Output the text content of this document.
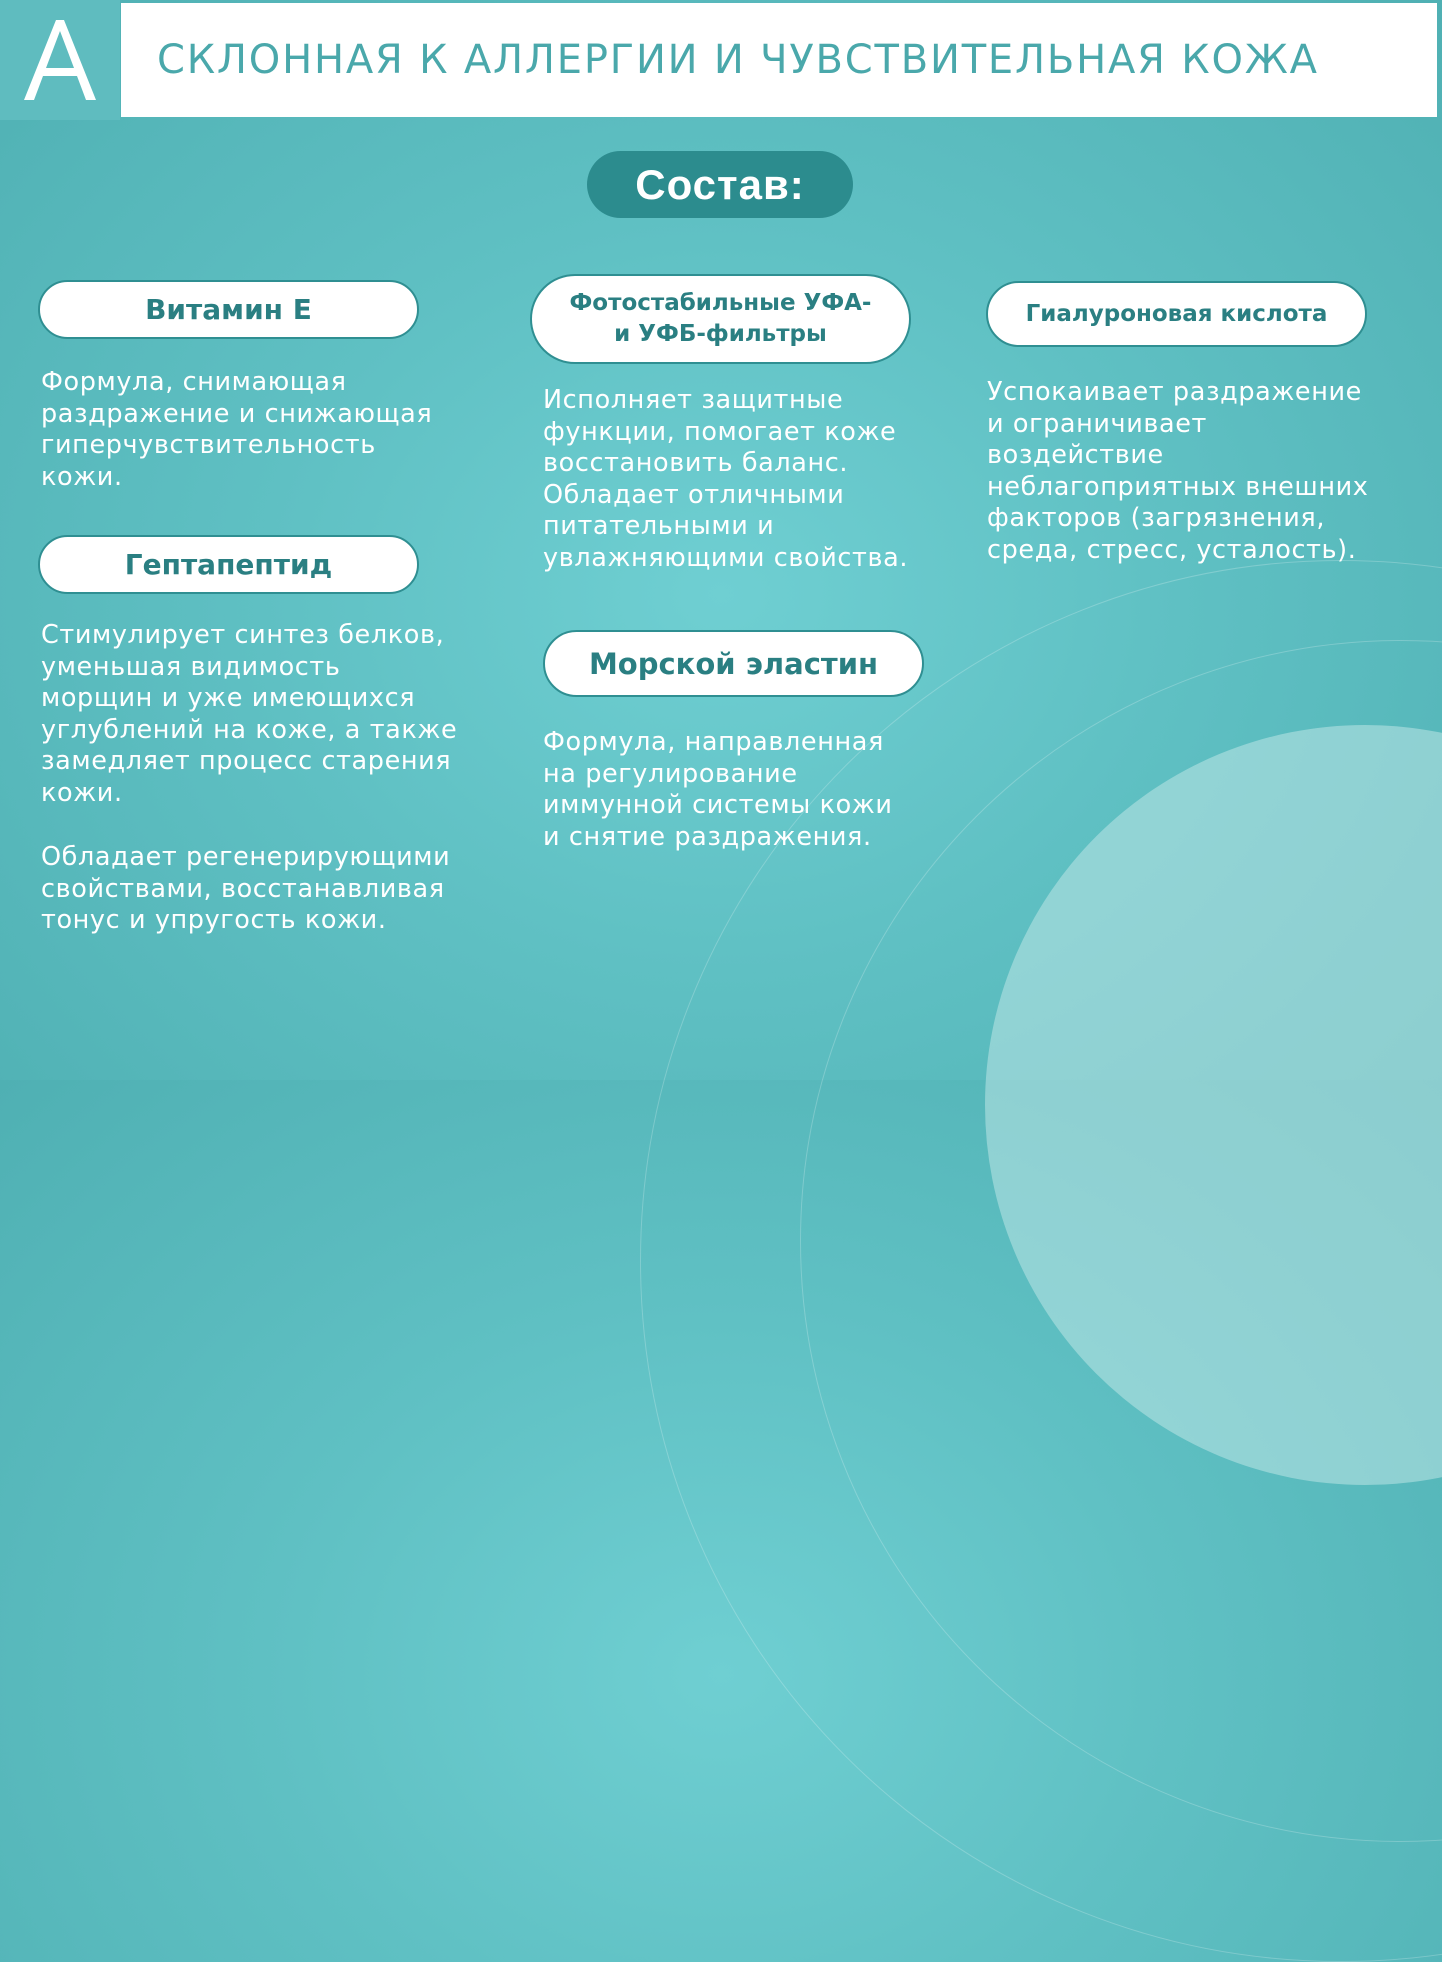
СКЛОННАЯ К АЛЛЕРГИИ И ЧУВСТВИТЕЛЬНАЯ КОЖА
Состав:
Витамин Е
Формула, снимающая
раздражение и снижающая
гиперчувствительность
кожи.
Гептапептид
Стимулирует синтез белков,
уменьшая видимость
морщин и уже имеющихся
углублений на коже, а также
замедляет процесс старения
кожи.
Обладает регенерирующими
свойствами, восстанавливая
тонус и упругость кожи.
Фотостабильные УФА-
и УФБ-фильтры
Исполняет защитные
функции, помогает коже
восстановить баланс.
Обладает отличными
питательными и
увлажняющими свойства.
Морской эластин
Формула, направленная
на регулирование
иммунной системы кожи
и снятие раздражения.
Гиалуроновая кислота
Успокаивает раздражение
и ограничивает
воздействие
неблагоприятных внешних
факторов (загрязнения,
среда, стресс, усталость).
